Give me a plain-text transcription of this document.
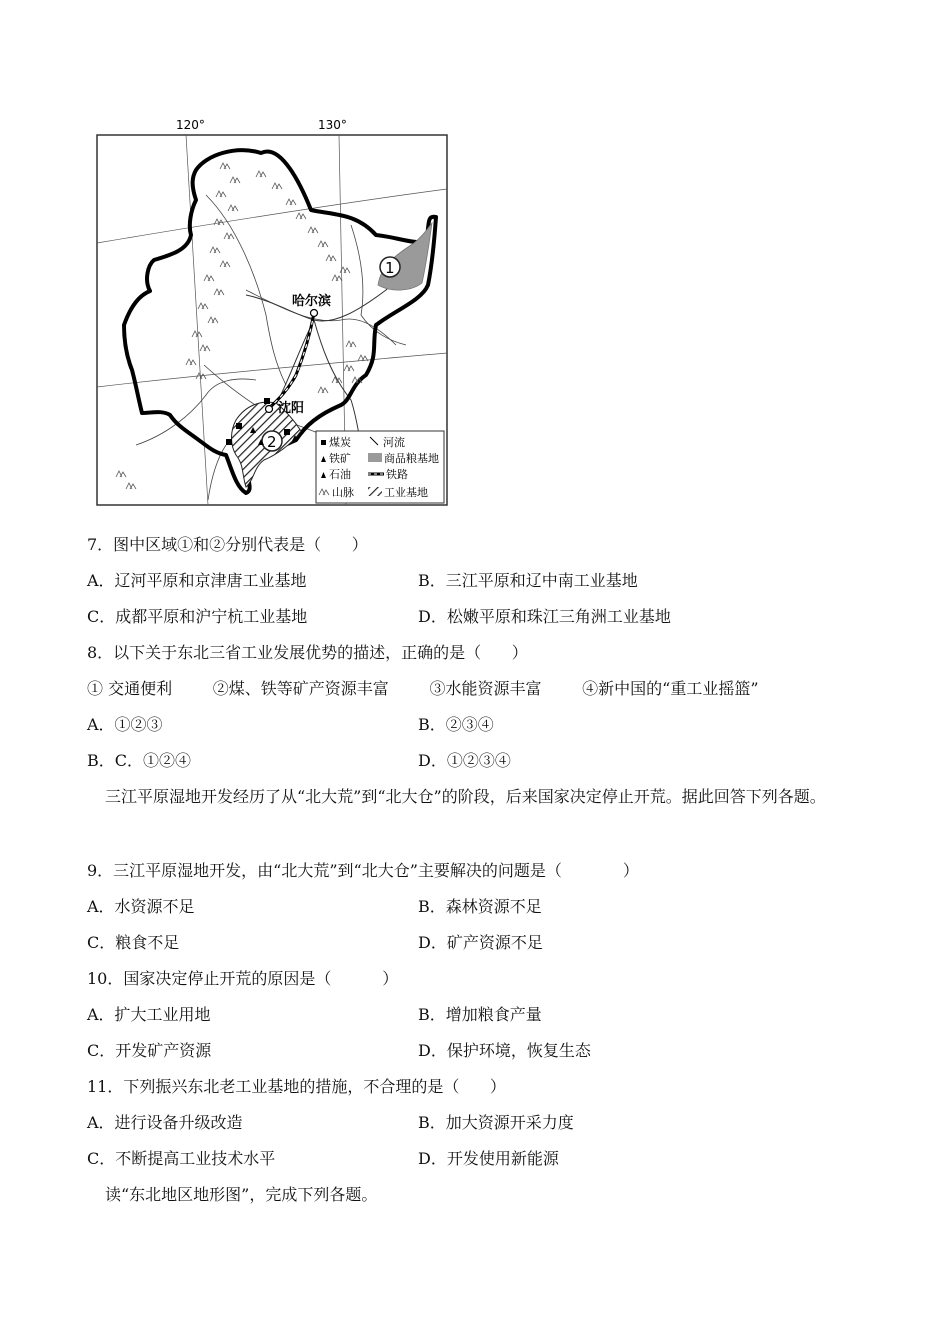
120°	130°
1
2
哈尔滨
沈阳
煤炭
铁矿
石油
山脉
河流
商品粮基地
铁路
工业基地
7．图中区域①和②分别代表是（      ）
A．辽河平原和京津唐工业基地	B．三江平原和辽中南工业基地
C．成都平原和沪宁杭工业基地	D．松嫩平原和珠江三角洲工业基地
8．以下关于东北三省工业发展优势的描述，正确的是（      ）
① 交通便利        ②煤、铁等矿产资源丰富        ③水能资源丰富        ④新中国的“重工业摇篮”
A．①②③	B．②③④
B．C．①②④	D．①②③④
三江平原湿地开发经历了从“北大荒”到“北大仓”的阶段，后来国家决定停止开荒。据此回答下列各题。
9．三江平原湿地开发，由“北大荒”到“北大仓”主要解决的问题是（            ）
A．水资源不足	B．森林资源不足
C．粮食不足	D．矿产资源不足
10．国家决定停止开荒的原因是（          ）
A．扩大工业用地	B．增加粮食产量
C．开发矿产资源	D．保护环境，恢复生态
11．下列振兴东北老工业基地的措施，不合理的是（      ）
A．进行设备升级改造	B．加大资源开采力度
C．不断提高工业技术水平	D．开发使用新能源
读“东北地区地形图”，完成下列各题。
